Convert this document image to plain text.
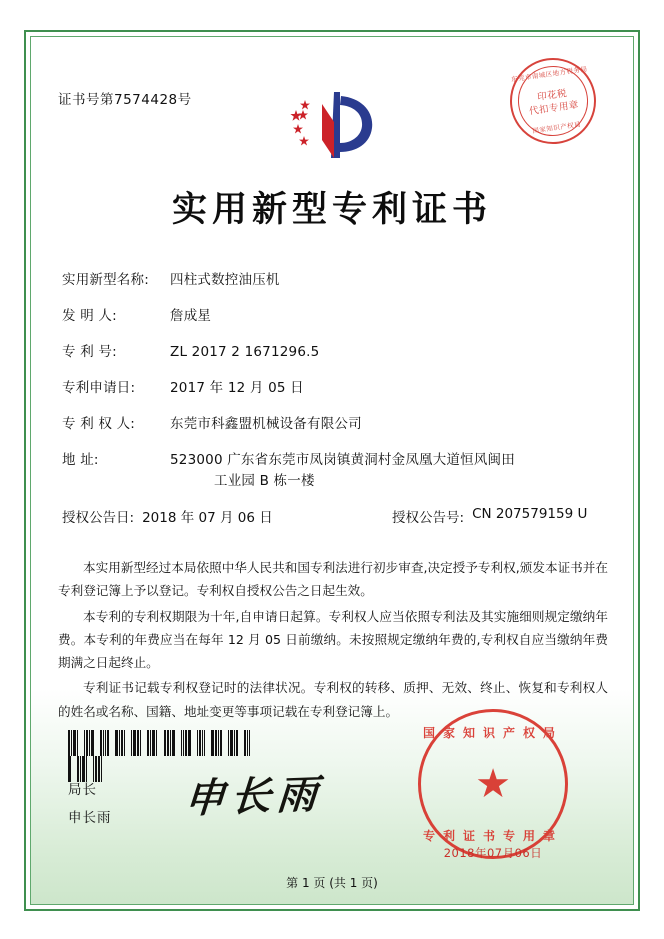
证书号第7574428号
东莞市南城区地方税务局
印花税
代扣专用章
国家知识产权局
实用新型专利证书
实用新型名称:	四柱式数控油压机
发 明 人:	詹成星
专 利 号:	ZL 2017 2 1671296.5
专利申请日:	2017 年 12 月 05 日
专 利 权 人:	东莞市科鑫盟机械设备有限公司
地 址:	523000 广东省东莞市凤岗镇黄洞村金凤凰大道恒风闽田
工业园 B 栋一楼
授权公告日: 2018 年 07 月 06 日	授权公告号: CN 207579159 U

本实用新型经过本局依照中华人民共和国专利法进行初步审查,决定授予专利权,颁发本证书并在专利登记簿上予以登记。专利权自授权公告之日起生效。

本专利的专利权期限为十年,自申请日起算。专利权人应当依照专利法及其实施细则规定缴纳年费。本专利的年费应当在每年 12 月 05 日前缴纳。未按照规定缴纳年费的,专利权自应当缴纳年费期满之日起终止。

专利证书记载专利权登记时的法律状况。专利权的转移、质押、无效、终止、恢复和专利权人的姓名或名称、国籍、地址变更等事项记载在专利登记簿上。

局长
申长雨 申长雨
国家知识产权局
★
专利证书专用章
2018年07月06日
第 1 页 (共 1 页)
